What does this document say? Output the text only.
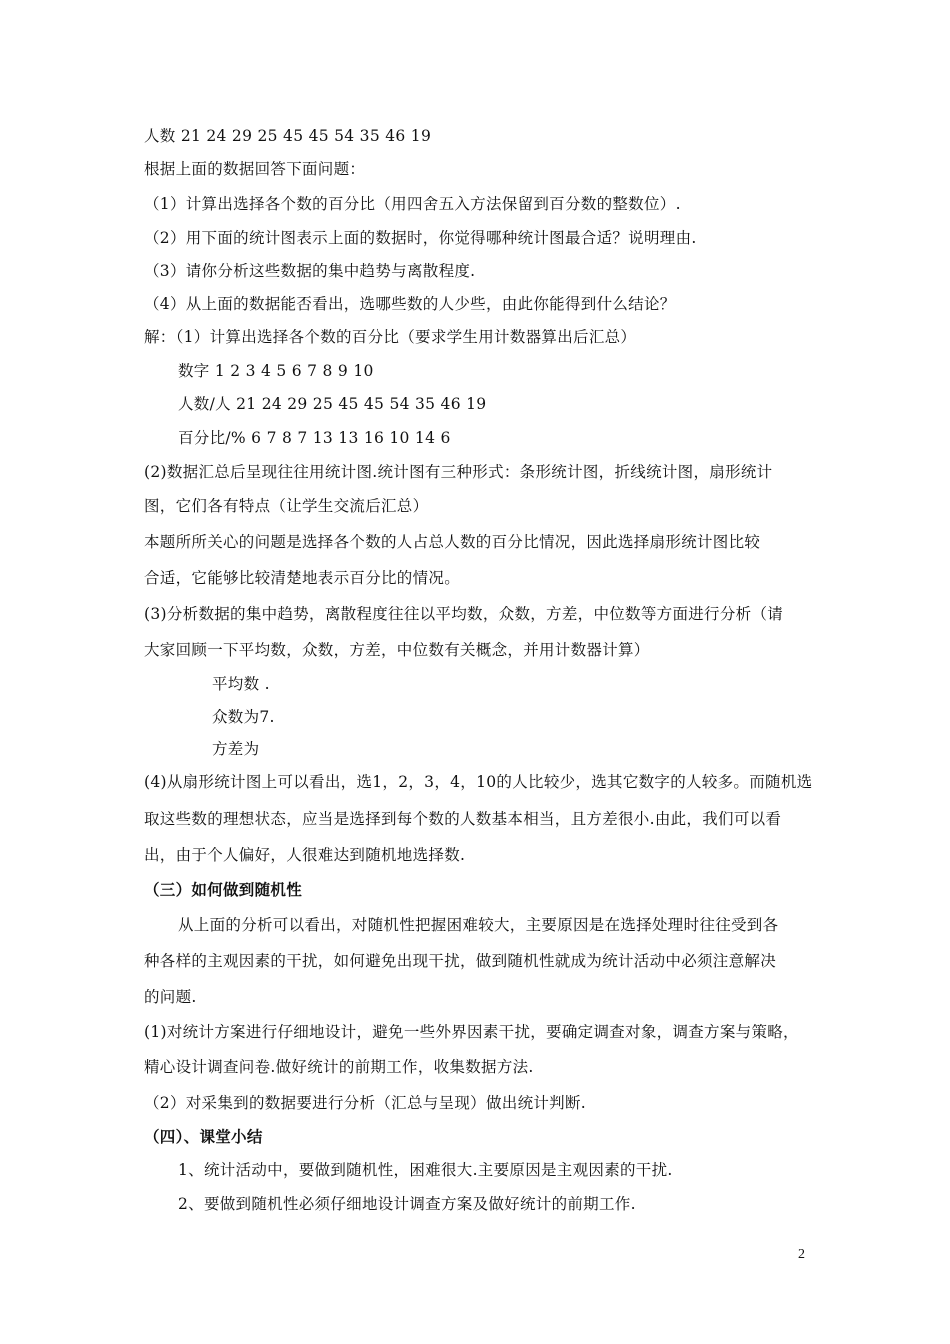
人数 21 24 29 25 45 45 54 35 46 19
根据上面的数据回答下面问题：
（1）计算出选择各个数的百分比（用四舍五入方法保留到百分数的整数位）.
（2）用下面的统计图表示上面的数据时，你觉得哪种统计图最合适？说明理由.
（3）请你分析这些数据的集中趋势与离散程度.
（4）从上面的数据能否看出，选哪些数的人少些，由此你能得到什么结论？
解：（1）计算出选择各个数的百分比（要求学生用计数器算出后汇总）
数字 1 2 3 4 5 6 7 8 9 10
人数/人 21 24 29 25 45 45 54 35 46 19
百分比/% 6 7 8 7 13 13 16 10 14 6
(2)数据汇总后呈现往往用统计图.统计图有三种形式：条形统计图，折线统计图，扇形统计
图，它们各有特点（让学生交流后汇总）
本题所所关心的问题是选择各个数的人占总人数的百分比情况，因此选择扇形统计图比较
合适，它能够比较清楚地表示百分比的情况。
(3)分析数据的集中趋势，离散程度往往以平均数，众数，方差，中位数等方面进行分析（请
大家回顾一下平均数，众数，方差，中位数有关概念，并用计数器计算）
平均数 .
众数为7.
方差为
(4)从扇形统计图上可以看出，选1，2，3，4，10的人比较少，选其它数字的人较多。而随机选
取这些数的理想状态，应当是选择到每个数的人数基本相当，且方差很小.由此，我们可以看
出，由于个人偏好，人很难达到随机地选择数.
（三）如何做到随机性
从上面的分析可以看出，对随机性把握困难较大，主要原因是在选择处理时往往受到各
种各样的主观因素的干扰，如何避免出现干扰，做到随机性就成为统计活动中必须注意解决
的问题.
(1)对统计方案进行仔细地设计，避免一些外界因素干扰，要确定调查对象，调查方案与策略，
精心设计调查问卷.做好统计的前期工作，收集数据方法.
（2）对采集到的数据要进行分析（汇总与呈现）做出统计判断.
（四）、课堂小结
1、统计活动中，要做到随机性，困难很大.主要原因是主观因素的干扰.
2、要做到随机性必须仔细地设计调查方案及做好统计的前期工作.
2
